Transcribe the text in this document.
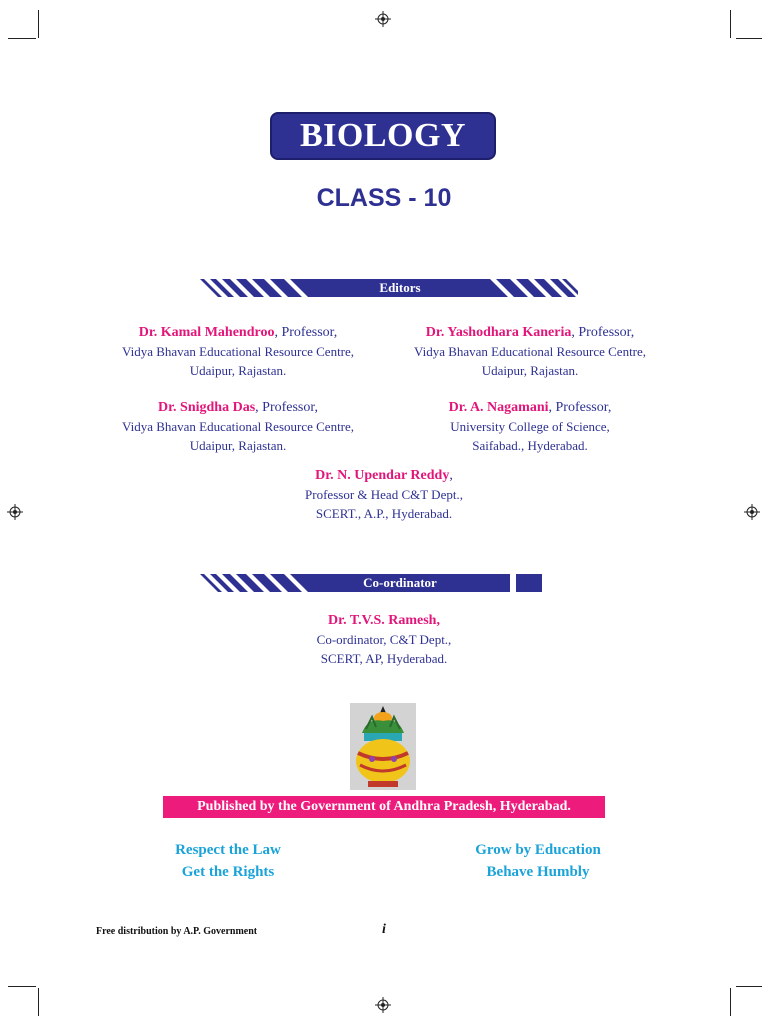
BIOLOGY
CLASS - 10
Editors
Dr. Kamal Mahendroo, Professor,
Vidya Bhavan Educational Resource Centre,
Udaipur, Rajastan.
Dr. Yashodhara Kaneria, Professor,
Vidya Bhavan Educational Resource Centre,
Udaipur, Rajastan.
Dr. Snigdha Das, Professor,
Vidya Bhavan Educational Resource Centre,
Udaipur, Rajastan.
Dr. A. Nagamani, Professor,
University College of Science,
Saifabad., Hyderabad.
Dr. N. Upendar Reddy,
Professor & Head C&T Dept.,
SCERT., A.P., Hyderabad.
Co-ordinator
Dr. T.V.S. Ramesh,
Co-ordinator, C&T Dept.,
SCERT, AP, Hyderabad.
Published by the Government of Andhra Pradesh, Hyderabad.
Respect the Law
Get the Rights
Grow by Education
Behave Humbly
Free distribution by A.P. Government	i
